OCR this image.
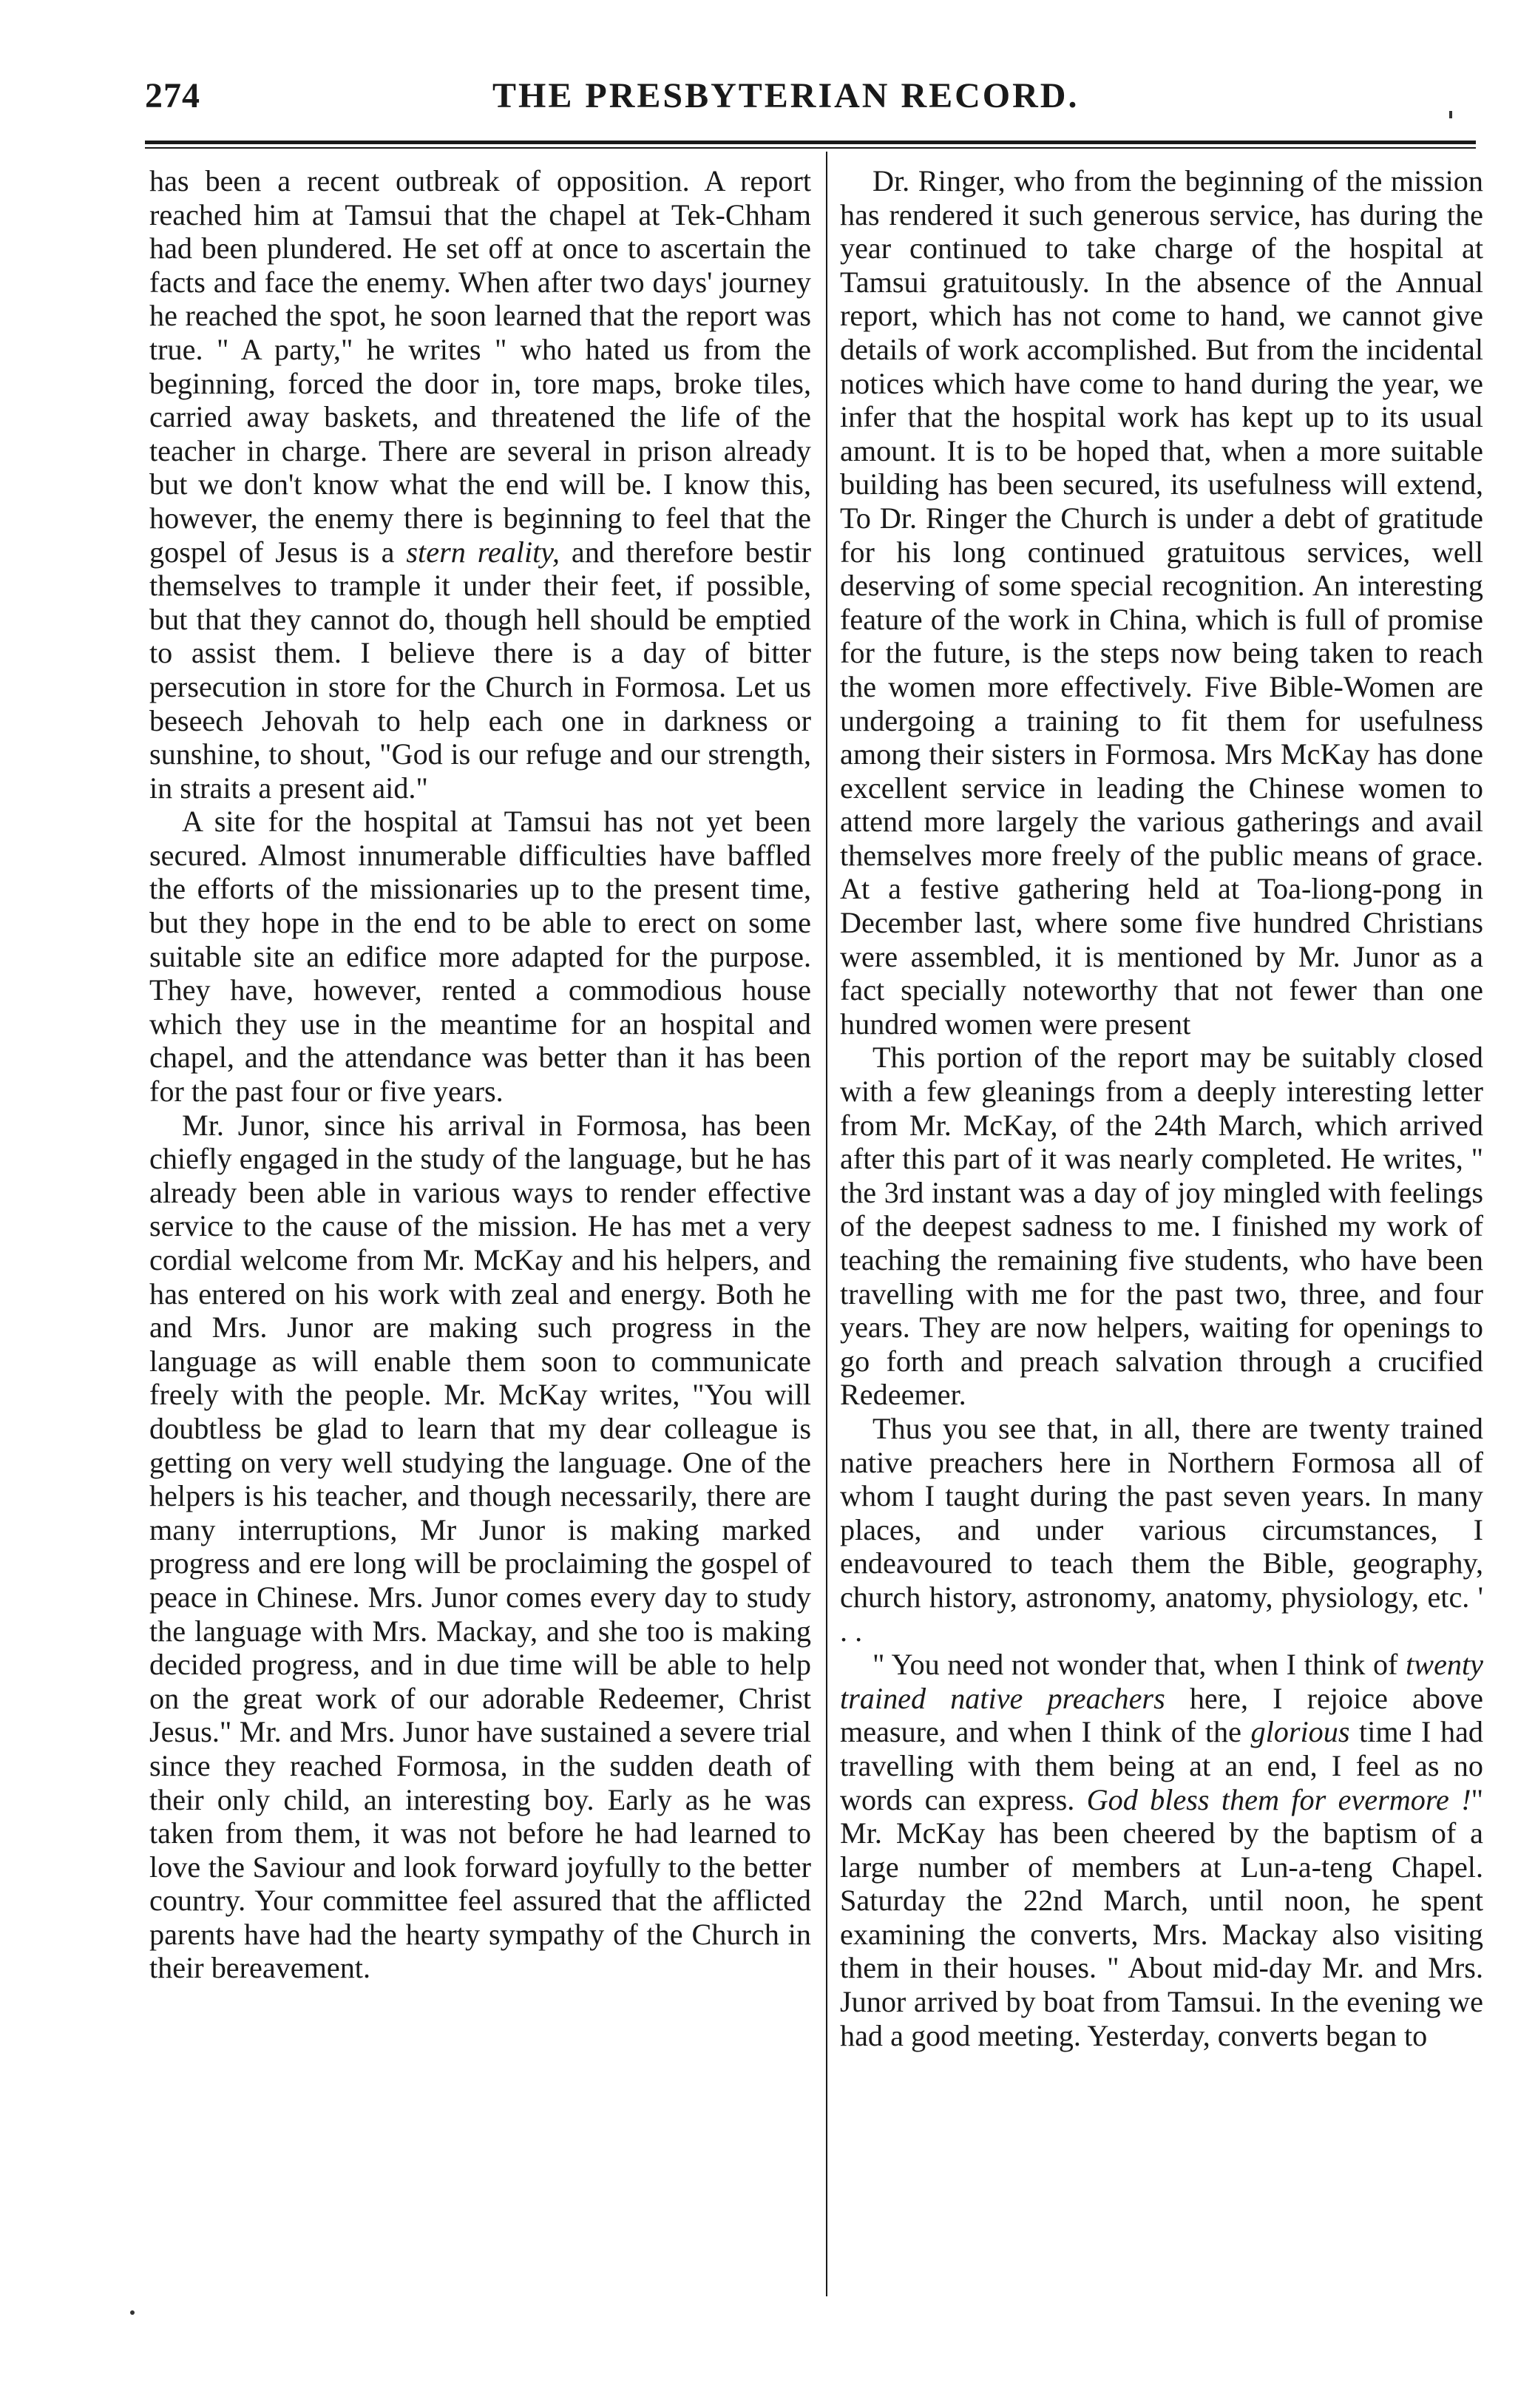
274	THE PRESBYTERIAN RECORD.

has been a recent outbreak of opposition. A report reached him at Tamsui that the chapel at Tek-Chham had been plundered. He set off at once to ascertain the facts and face the enemy. When after two days' journey he reached the spot, he soon learned that the report was true. " A party," he writes " who hated us from the beginning, forced the door in, tore maps, broke tiles, carried away baskets, and threatened the life of the teacher in charge. There are several in prison already but we don't know what the end will be. I know this, however, the enemy there is beginning to feel that the gospel of Jesus is a stern reality, and therefore bestir themselves to trample it under their feet, if possible, but that they cannot do, though hell should be emptied to assist them. I believe there is a day of bitter persecution in store for the Church in Formosa. Let us beseech Jehovah to help each one in darkness or sunshine, to shout, "God is our refuge and our strength, in straits a present aid."

A site for the hospital at Tamsui has not yet been secured. Almost innumerable difficulties have baffled the efforts of the missionaries up to the present time, but they hope in the end to be able to erect on some suitable site an edifice more adapted for the purpose. They have, however, rented a commodious house which they use in the meantime for an hospital and chapel, and the attendance was better than it has been for the past four or five years.

Mr. Junor, since his arrival in Formosa, has been chiefly engaged in the study of the language, but he has already been able in various ways to render effective service to the cause of the mission. He has met a very cordial welcome from Mr. McKay and his helpers, and has entered on his work with zeal and energy. Both he and Mrs. Junor are making such progress in the language as will enable them soon to communicate freely with the people. Mr. McKay writes, "You will doubtless be glad to learn that my dear colleague is getting on very well studying the language. One of the helpers is his teacher, and though necessarily, there are many interruptions, Mr Junor is making marked progress and ere long will be proclaiming the gospel of peace in Chinese. Mrs. Junor comes every day to study the language with Mrs. Mackay, and she too is making decided progress, and in due time will be able to help on the great work of our adorable Redeemer, Christ Jesus." Mr. and Mrs. Junor have sustained a severe trial since they reached Formosa, in the sudden death of their only child, an interesting boy. Early as he was taken from them, it was not before he had learned to love the Saviour and look forward joyfully to the better country. Your committee feel assured that the afflicted parents have had the hearty sympathy of the Church in their bereavement.

Dr. Ringer, who from the beginning of the mission has rendered it such generous service, has during the year continued to take charge of the hospital at Tamsui gratuitously. In the absence of the Annual report, which has not come to hand, we cannot give details of work accomplished. But from the incidental notices which have come to hand during the year, we infer that the hospital work has kept up to its usual amount. It is to be hoped that, when a more suitable building has been secured, its usefulness will extend, To Dr. Ringer the Church is under a debt of gratitude for his long continued gratuitous services, well deserving of some special recognition. An interesting feature of the work in China, which is full of promise for the future, is the steps now being taken to reach the women more effectively. Five Bible-Women are undergoing a training to fit them for usefulness among their sisters in Formosa. Mrs McKay has done excellent service in leading the Chinese women to attend more largely the various gatherings and avail themselves more freely of the public means of grace. At a festive gathering held at Toa-liong-pong in December last, where some five hundred Christians were assembled, it is mentioned by Mr. Junor as a fact specially noteworthy that not fewer than one hundred women were present

This portion of the report may be suitably closed with a few gleanings from a deeply interesting letter from Mr. McKay, of the 24th March, which arrived after this part of it was nearly completed. He writes, " the 3rd instant was a day of joy mingled with feelings of the deepest sadness to me. I finished my work of teaching the remaining five students, who have been travelling with me for the past two, three, and four years. They are now helpers, waiting for openings to go forth and preach salvation through a crucified Redeemer.

Thus you see that, in all, there are twenty trained native preachers here in Northern Formosa all of whom I taught during the past seven years. In many places, and under various circumstances, I endeavoured to teach them the Bible, geography, church history, astronomy, anatomy, physiology, etc. ' . .

" You need not wonder that, when I think of twenty trained native preachers here, I rejoice above measure, and when I think of the glorious time I had travelling with them being at an end, I feel as no words can express. God bless them for evermore !" Mr. McKay has been cheered by the baptism of a large number of members at Lun-a-teng Chapel. Saturday the 22nd March, until noon, he spent examining the converts, Mrs. Mackay also visiting them in their houses. " About mid-day Mr. and Mrs. Junor arrived by boat from Tamsui. In the evening we had a good meeting. Yesterday, converts began to
